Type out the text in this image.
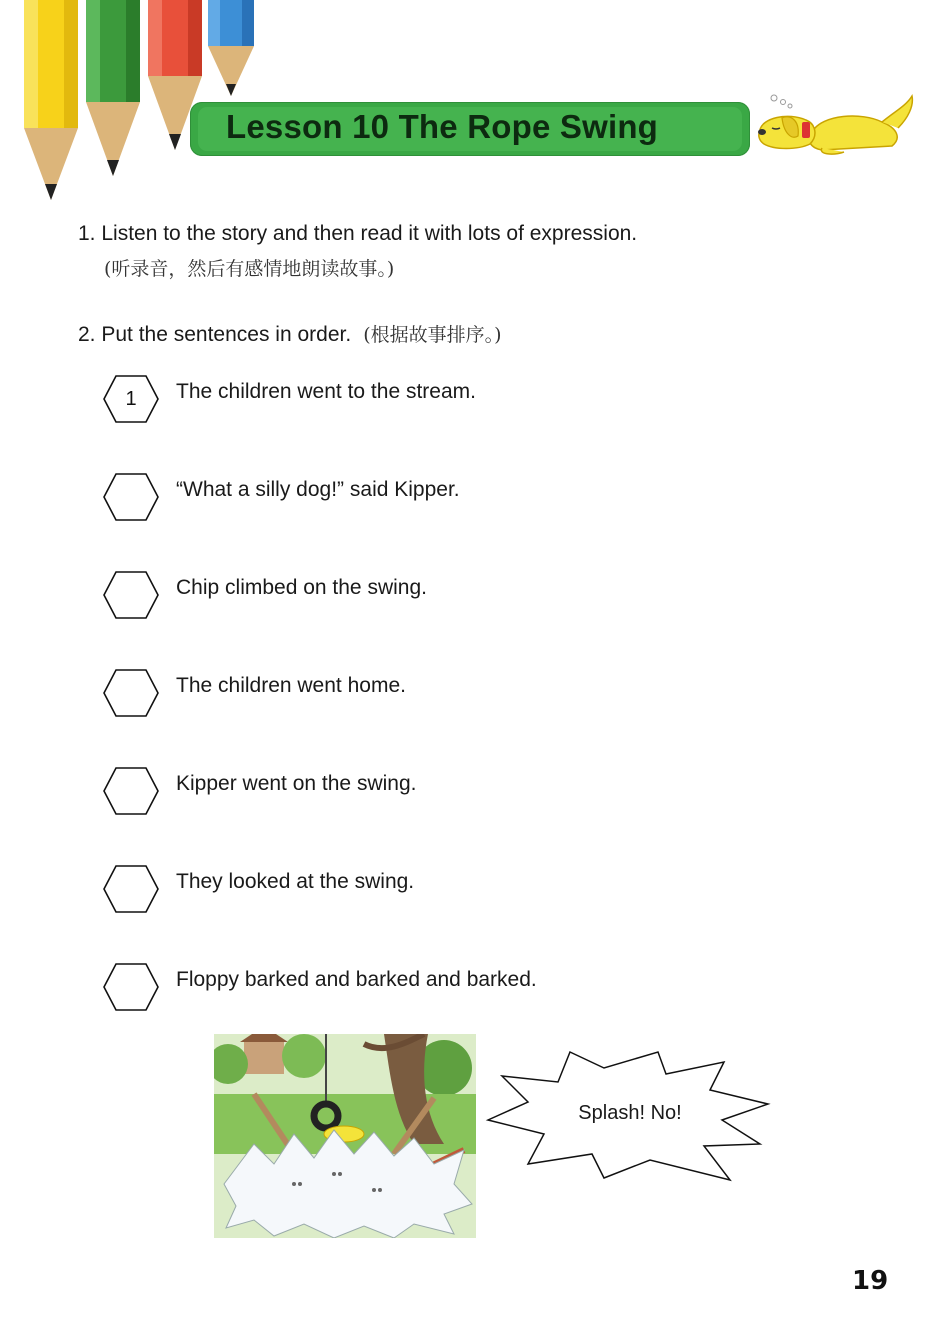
Lesson 10 The Rope Swing
1. Listen to the story and then read it with lots of expression.
(听录音，然后有感情地朗读故事。)
2. Put the sentences in order. (根据故事排序。)
1	The children went to the stream.
“What a silly dog!” said Kipper.
Chip climbed on the swing.
The children went home.
Kipper went on the swing.
They looked at the swing.
Floppy barked and barked and barked.
Splash! No!
19
